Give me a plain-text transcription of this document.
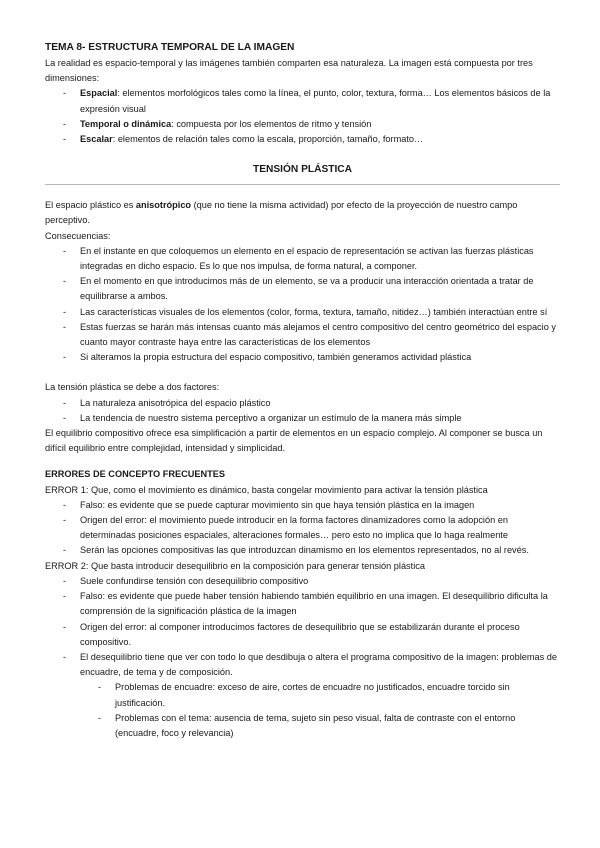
TEMA 8- ESTRUCTURA TEMPORAL DE LA IMAGEN

La realidad es espacio-temporal y las imágenes también comparten esa naturaleza. La imagen está compuesta por tres dimensiones:

- Espacial: elementos morfológicos tales como la línea, el punto, color, textura, forma… Los elementos básicos de la expresión visual
- Temporal o dinámica: compuesta por los elementos de ritmo y tensión
- Escalar: elementos de relación tales como la escala, proporción, tamaño, formato…
TENSIÓN PLÁSTICA

El espacio plástico es anisotrópico (que no tiene la misma actividad) por efecto de la proyección de nuestro campo perceptivo.

Consecuencias:

- En el instante en que coloquemos un elemento en el espacio de representación se activan las fuerzas plásticas integradas en dicho espacio. Es lo que nos impulsa, de forma natural, a componer.
- En el momento en que introducimos más de un elemento, se va a producir una interacción orientada a tratar de equilibrarse a ambos.
- Las características visuales de los elementos (color, forma, textura, tamaño, nitidez…) también interactúan entre sí
- Estas fuerzas se harán más intensas cuanto más alejamos el centro compositivo del centro geométrico del espacio y cuanto mayor contraste haya entre las características de los elementos
- Si alteramos la propia estructura del espacio compositivo, también generamos actividad plástica

La tensión plástica se debe a dos factores:

- La naturaleza anisotrópica del espacio plástico
- La tendencia de nuestro sistema perceptivo a organizar un estímulo de la manera más simple

El equilibrio compositivo ofrece esa simplificación a partir de elementos en un espacio complejo. Al componer se busca un difícil equilibrio entre complejidad, intensidad y simplicidad.

ERRORES DE CONCEPTO FRECUENTES

ERROR 1: Que, como el movimiento es dinámico, basta congelar movimiento para activar la tensión plástica

- Falso: es evidente que se puede capturar movimiento sin que haya tensión plástica en la imagen
- Origen del error: el movimiento puede introducir en la forma factores dinamizadores como la adopción en determinadas posiciones espaciales, alteraciones formales… pero esto no implica que lo haga realmente
- Serán las opciones compositivas las que introduzcan dinamismo en los elementos representados, no al revés.

ERROR 2: Que basta introducir desequilibrio en la composición para generar tensión plástica

- Suele confundirse tensión con desequilibrio compositivo
- Falso: es evidente que puede haber tensión habiendo también equilibrio en una imagen. El desequilibrio dificulta la comprensión de la significación plástica de la imagen
- Origen del error: al componer introducimos factores de desequilibrio que se estabilizarán durante el proceso compositivo.
- El desequilibrio tiene que ver con todo lo que desdibuja o altera el programa compositivo de la imagen: problemas de encuadre, de tema y de composición.
- Problemas de encuadre: exceso de aire, cortes de encuadre no justificados, encuadre torcido sin justificación.
- Problemas con el tema: ausencia de tema, sujeto sin peso visual, falta de contraste con el entorno (encuadre, foco y relevancia)
